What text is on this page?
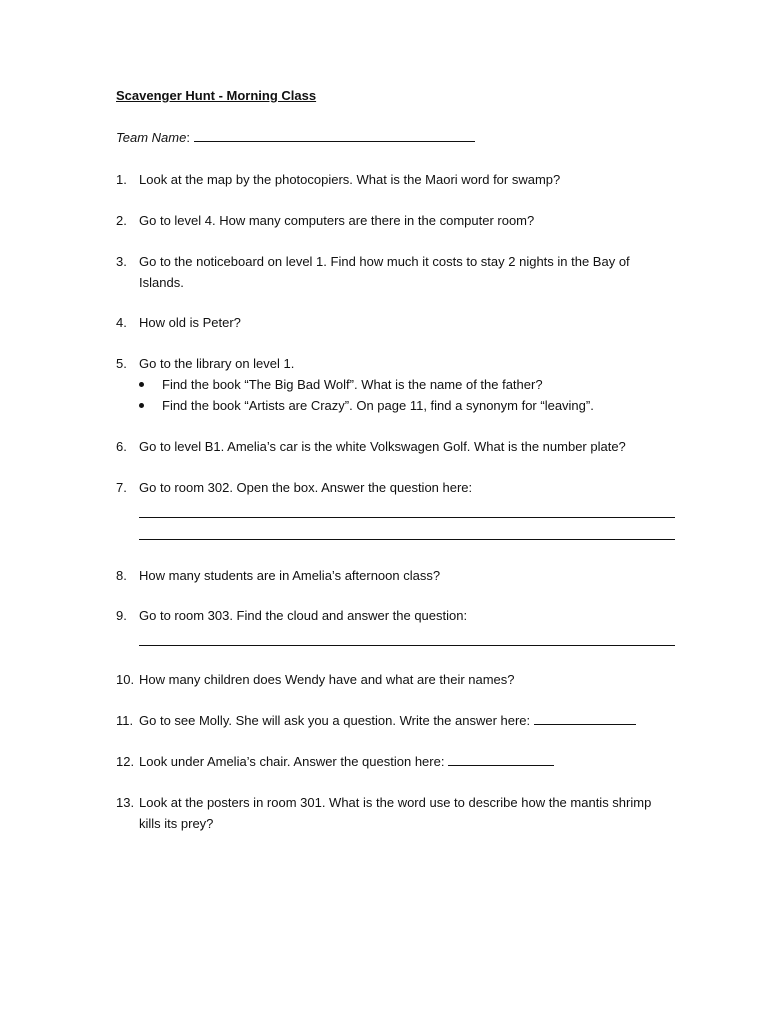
Scavenger Hunt - Morning Class
Team Name:
1. Look at the map by the photocopiers. What is the Maori word for swamp?
2. Go to level 4. How many computers are there in the computer room?
3. Go to the noticeboard on level 1. Find how much it costs to stay 2 nights in the Bay of Islands.
4. How old is Peter?
5. Go to the library on level 1.
Find the book “The Big Bad Wolf”. What is the name of the father?
Find the book “Artists are Crazy”. On page 11, find a synonym for “leaving”.
6. Go to level B1. Amelia’s car is the white Volkswagen Golf. What is the number plate?
7. Go to room 302. Open the box. Answer the question here:
8. How many students are in Amelia’s afternoon class?
9. Go to room 303. Find the cloud and answer the question:
10. How many children does Wendy have and what are their names?
11. Go to see Molly. She will ask you a question. Write the answer here:
12. Look under Amelia’s chair. Answer the question here:
13. Look at the posters in room 301. What is the word use to describe how the mantis shrimp kills its prey?
